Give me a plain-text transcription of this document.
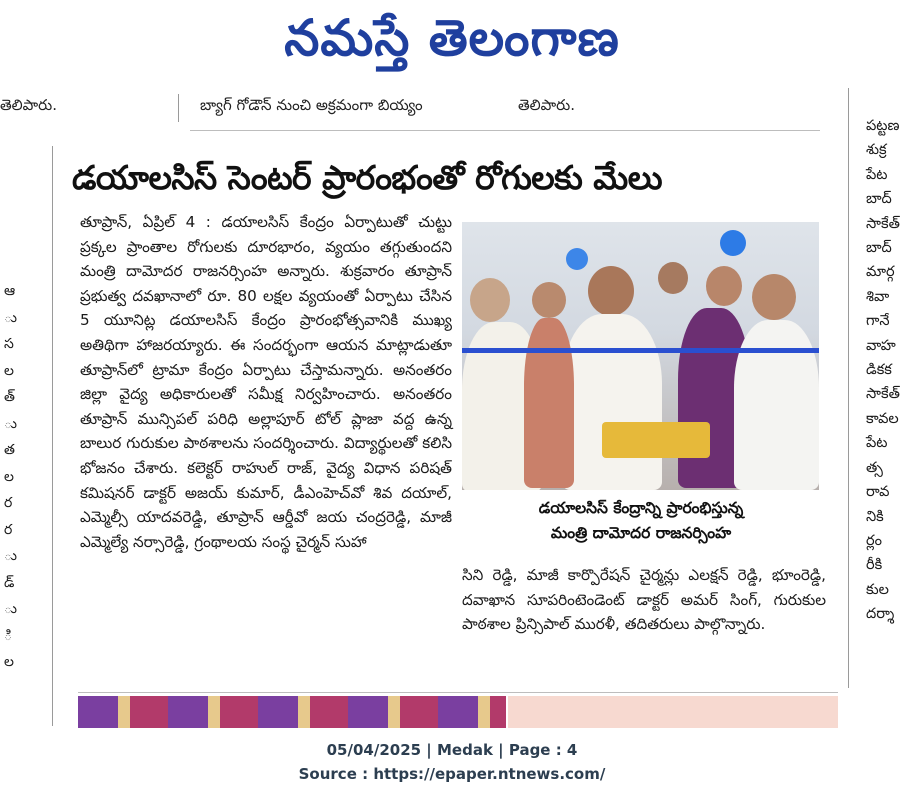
నమస్తే తెలంగాణ
తెలిపారు.	బ్యాగ్ గోడౌన్ నుంచి అక్రమంగా బియ్యం	తెలిపారు.
ఆ
ు
స
ల
త్
ు
త
ల
ర
ర
ు
డ్
ు
ి
ల
పట్టణ
శుక్ర
పేట
బాద్
సాకేత్
బాద్
మార్గ
శివా
గానే
వాహ
డికక
సాకేత్
కావల
పేట
త్స
రావ
నికి
ర్లం
రీకి
కుల
దర్శా
డయాలసిస్ సెంటర్ ప్రారంభంతో రోగులకు మేలు
తూప్రాన్, ఏప్రిల్ 4 : డయాలసిస్ కేంద్రం ఏర్పాటుతో చుట్టు ప్రక్కల ప్రాంతాల రోగులకు దూరభారం, వ్యయం తగ్గుతుందని మంత్రి దామోదర రాజనర్సింహ అన్నారు. శుక్రవారం తూప్రాన్ ప్రభుత్వ దవఖానాలో రూ. 80 లక్షల వ్యయంతో ఏర్పాటు చేసిన 5 యూనిట్ల డయాలసిస్ కేంద్రం ప్రారంభోత్సవానికి ముఖ్య అతిథిగా హాజరయ్యారు. ఈ సందర్భంగా ఆయన మాట్లాడుతూ తూప్రాన్‌లో ట్రామా కేంద్రం ఏర్పాటు చేస్తామన్నారు. అనంతరం జిల్లా వైద్య అధికారులతో సమీక్ష నిర్వహించారు. అనంతరం తూప్రాన్ మున్సిపల్ పరిధి అల్లాపూర్ టోల్ ప్లాజా వద్ద ఉన్న బాలుర గురుకుల పాఠశాలను సందర్శించారు. విద్యార్థులతో కలిసి భోజనం చేశారు. కలెక్టర్ రాహుల్ రాజ్, వైద్య విధాన పరిషత్ కమిషనర్ డాక్టర్ అజయ్ కుమార్, డీఎంహెచ్‌వో శివ దయాల్, ఎమ్మెల్సీ యాదవరెడ్డి, తూప్రాన్ ఆర్డీవో జయ చంద్రరెడ్డి, మాజీ ఎమ్మెల్యే నర్సారెడ్డి, గ్రంథాలయ సంస్థ చైర్మన్ సుహా
డయాలసిస్ కేంద్రాన్ని ప్రారంభిస్తున్న
మంత్రి దామోదర రాజనర్సింహ
సిని రెడ్డి, మాజీ కార్పొరేషన్ చైర్మన్లు ఎలక్షన్ రెడ్డి, భూంరెడ్డి, దవాఖాన సూపరింటెండెంట్ డాక్టర్ అమర్ సింగ్, గురుకుల పాఠశాల ప్రిన్సిపాల్ మురళీ, తదితరులు పాల్గొన్నారు.
05/04/2025 | Medak | Page : 4
Source : https://epaper.ntnews.com/
